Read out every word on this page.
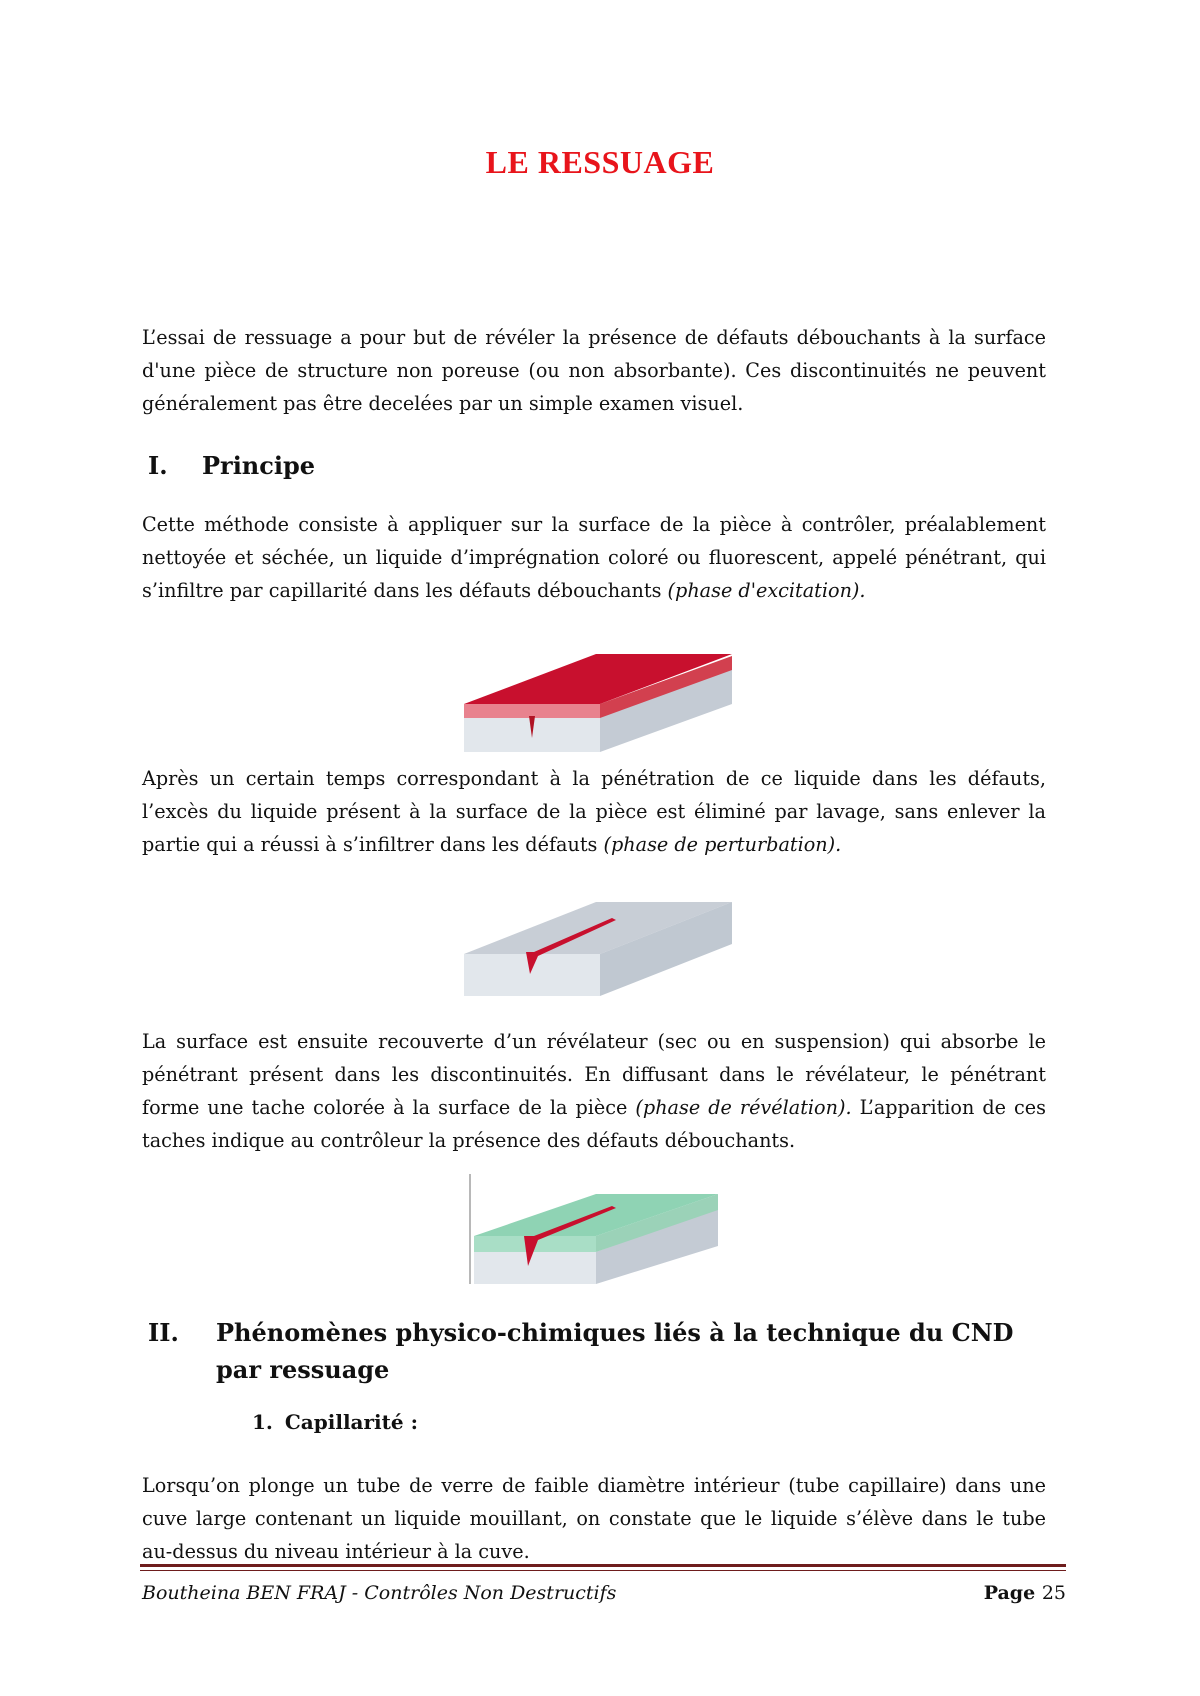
LE RESSUAGE
L’essai de ressuage a pour but de révéler la présence de défauts débouchants à la surface d'une pièce de structure non poreuse (ou non absorbante). Ces discontinuités ne peuvent généralement pas être decelées par un simple examen visuel.
I. Principe
Cette méthode consiste à appliquer sur la surface de la pièce à contrôler, préalablement nettoyée et séchée, un liquide d’imprégnation coloré ou fluorescent, appelé pénétrant, qui s’infiltre par capillarité dans les défauts débouchants (phase d'excitation).
Après un certain temps correspondant à la pénétration de ce liquide dans les défauts, l’excès du liquide présent à la surface de la pièce est éliminé par lavage, sans enlever la partie qui a réussi à s’infiltrer dans les défauts (phase de perturbation).
La surface est ensuite recouverte d’un révélateur (sec ou en suspension) qui absorbe le pénétrant présent dans les discontinuités. En diffusant dans le révélateur, le pénétrant forme une tache colorée à la surface de la pièce (phase de révélation). L’apparition de ces taches indique au contrôleur la présence des défauts débouchants.
II. Phénomènes physico-chimiques liés à la technique du CND par ressuage
1. Capillarité :
Lorsqu’on plonge un tube de verre de faible diamètre intérieur (tube capillaire) dans une cuve large contenant un liquide mouillant, on constate que le liquide s’élève dans le tube au-dessus du niveau intérieur à la cuve.
Boutheina BEN FRAJ - Contrôles Non Destructifs	Page 25
